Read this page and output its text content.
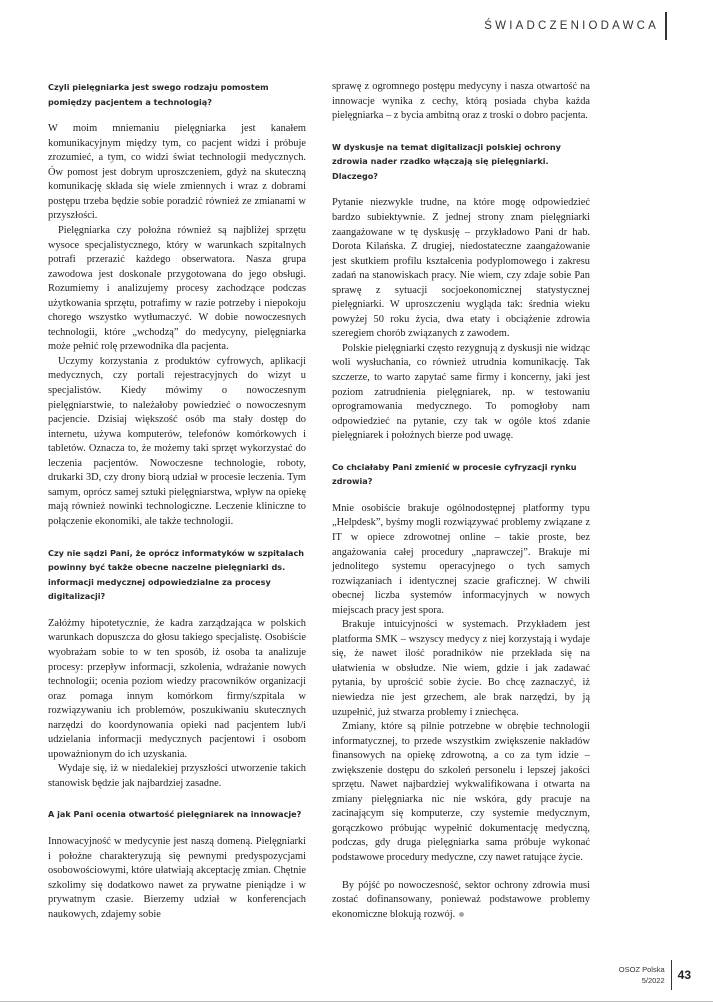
ŚWIADCZENIODAWCA

Czyli pielęgniarka jest swego rodzaju pomostem pomiędzy pacjentem a technologią?

W moim mniemaniu pielęgniarka jest kanałem komunikacyjnym między tym, co pacjent widzi i próbuje zrozumieć, a tym, co widzi świat technologii medycznych. Ów pomost jest dobrym uproszczeniem, gdyż na skuteczną komunikację składa się wiele zmiennych i wraz z dobrami postępu trzeba będzie sobie poradzić również ze zmianami w przyszłości.

Pielęgniarka czy położna również są najbliżej sprzętu wysoce specjalistycznego, który w warunkach szpitalnych potrafi przerazić każdego obserwatora. Nasza grupa zawodowa jest doskonale przygotowana do jego obsługi. Rozumiemy i analizujemy procesy zachodzące podczas użytkowania sprzętu, potrafimy w razie potrzeby i niepokoju chorego wszystko wytłumaczyć. W dobie nowoczesnych technologii, które „wchodzą” do medycyny, pielęgniarka może pełnić rolę przewodnika dla pacjenta.

Uczymy korzystania z produktów cyfrowych, aplikacji medycznych, czy portali rejestracyjnych do wizyt u specjalistów. Kiedy mówimy o nowoczesnym pielęgniarstwie, to należałoby powiedzieć o nowoczesnym pacjencie. Dzisiaj większość osób ma stały dostęp do internetu, używa komputerów, telefonów komórkowych i tabletów. Oznacza to, że możemy taki sprzęt wykorzystać do leczenia pacjentów. Nowoczesne technologie, roboty, drukarki 3D, czy drony biorą udział w procesie leczenia. Tym samym, oprócz samej sztuki pielęgniarstwa, wpływ na opiekę mają również nowinki technologiczne. Leczenie kliniczne to połączenie ekonomiki, ale także technologii.

Czy nie sądzi Pani, że oprócz informatyków w szpitalach powinny być także obecne naczelne pielęgniarki ds. informacji medycznej odpowiedzialne za procesy digitalizacji?

Załóżmy hipotetycznie, że kadra zarządzająca w polskich warunkach dopuszcza do głosu takiego specjalistę. Osobiście wyobrażam sobie to w ten sposób, iż osoba ta analizuje procesy: przepływ informacji, szkolenia, wdrażanie nowych technologii; ocenia poziom wiedzy pracowników organizacji oraz pomaga innym komórkom firmy/szpitala w rozwiązywaniu ich problemów, poszukiwaniu skutecznych narzędzi do koordynowania opieki nad pacjentem lub/i udzielania informacji medycznych pacjentowi i osobom upoważnionym do ich uzyskania.

Wydaje się, iż w niedalekiej przyszłości utworzenie takich stanowisk będzie jak najbardziej zasadne.

A jak Pani ocenia otwartość pielęgniarek na innowacje?

Innowacyjność w medycynie jest naszą domeną. Pielęgniarki i położne charakteryzują się pewnymi predyspozycjami osobowościowymi, które ułatwiają akceptację zmian. Chętnie szkolimy się dodatkowo nawet za prywatne pieniądze i w prywatnym czasie. Bierzemy udział w konferencjach naukowych, zdajemy sobie

sprawę z ogromnego postępu medycyny i nasza otwartość na innowacje wynika z cechy, którą posiada chyba każda pielęgniarka – z bycia ambitną oraz z troski o dobro pacjenta.

W dyskusje na temat digitalizacji polskiej ochrony zdrowia nader rzadko włączają się pielęgniarki. Dlaczego?

Pytanie niezwykle trudne, na które mogę odpowiedzieć bardzo subiektywnie. Z jednej strony znam pielęgniarki zaangażowane w tę dyskusję – przykładowo Pani dr hab. Dorota Kilańska. Z drugiej, niedostateczne zaangażowanie jest skutkiem profilu kształcenia podyplomowego i zakresu zadań na stanowiskach pracy. Nie wiem, czy zdaje sobie Pan sprawę z sytuacji socjoekonomicznej statystycznej pielęgniarki. W uproszczeniu wygląda tak: średnia wieku powyżej 50 roku życia, dwa etaty i obciążenie zdrowia szeregiem chorób związanych z zawodem.

Polskie pielęgniarki często rezygnują z dyskusji nie widząc woli wysłuchania, co również utrudnia komunikację. Tak szczerze, to warto zapytać same firmy i koncerny, jaki jest poziom zatrudnienia pielęgniarek, np. w testowaniu oprogramowania medycznego. To pomogłoby nam odpowiedzieć na pytanie, czy tak w ogóle ktoś zdanie pielęgniarek i położnych bierze pod uwagę.

Co chciałaby Pani zmienić w procesie cyfryzacji rynku zdrowia?

Mnie osobiście brakuje ogólnodostępnej platformy typu „Helpdesk”, byśmy mogli rozwiązywać problemy związane z IT w opiece zdrowotnej online – takie proste, bez angażowania całej procedury „naprawczej”. Brakuje mi jednolitego systemu operacyjnego o tych samych rozwiązaniach i identycznej szacie graficznej. W chwili obecnej liczba systemów informacyjnych w nowych miejscach pracy jest spora.

Brakuje intuicyjności w systemach. Przykładem jest platforma SMK – wszyscy medycy z niej korzystają i wydaje się, że nawet ilość poradników nie przekłada się na ułatwienia w obsłudze. Nie wiem, gdzie i jak zadawać pytania, by uprościć sobie życie. Bo chcę zaznaczyć, iż niewiedza nie jest grzechem, ale brak narzędzi, by ją uzupełnić, już stwarza problemy i zniechęca.

Zmiany, które są pilnie potrzebne w obrębie technologii informatycznej, to przede wszystkim zwiększenie nakładów finansowych na opiekę zdrowotną, a co za tym idzie – zwiększenie dostępu do szkoleń personelu i lepszej jakości sprzętu. Nawet najbardziej wykwalifikowana i otwarta na zmiany pielęgniarka nic nie wskóra, gdy pracuje na zacinającym się komputerze, czy systemie medycznym, gorączkowo próbując wypełnić dokumentację medyczną, podczas, gdy druga pielęgniarka sama próbuje wykonać podstawowe procedury medyczne, czy nawet ratujące życie.

By pójść po nowoczesność, sektor ochrony zdrowia musi zostać dofinansowany, ponieważ podstawowe problemy ekonomiczne blokują rozwój.

OSOZ Polska
5/2022 43
